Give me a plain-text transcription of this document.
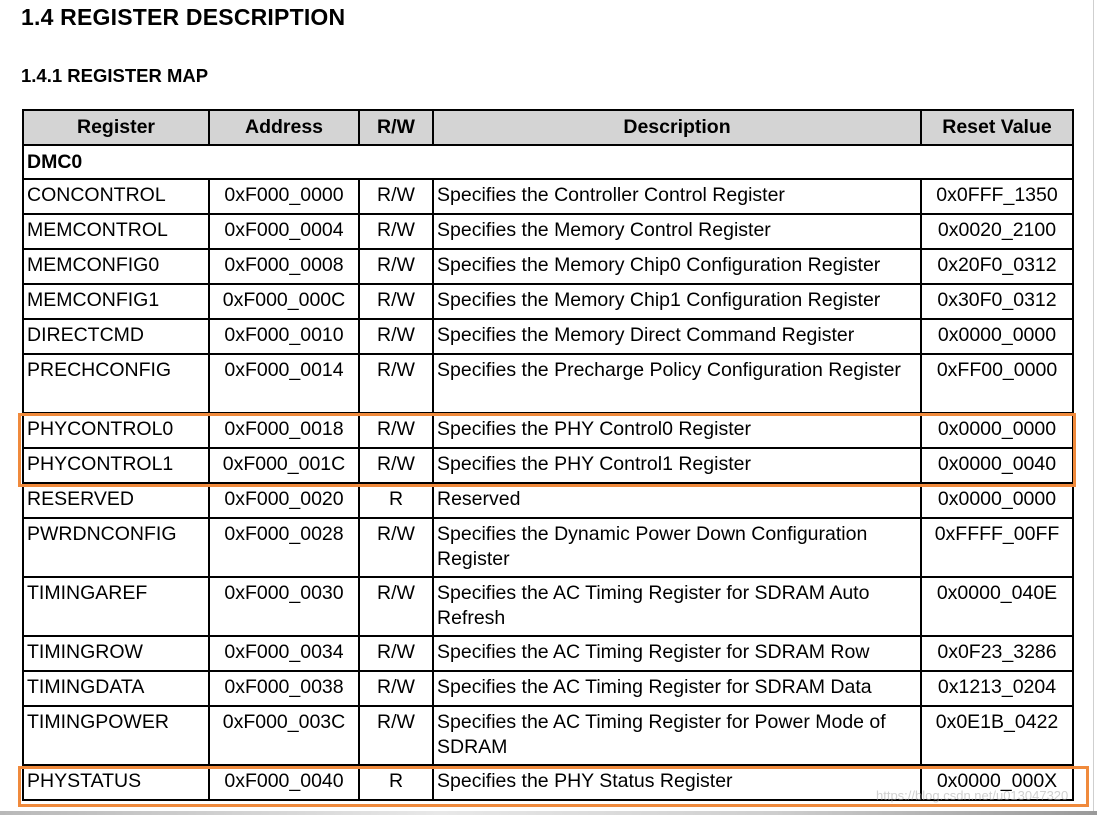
1.4 REGISTER DESCRIPTION
1.4.1 REGISTER MAP
Register	Address	R/W	Description	Reset Value
DMC0				
CONCONTROL	0xF000_0000	R/W	Specifies the Controller Control Register	0x0FFF_1350
MEMCONTROL	0xF000_0004	R/W	Specifies the Memory Control Register	0x0020_2100
MEMCONFIG0	0xF000_0008	R/W	Specifies the Memory Chip0 Configuration Register	0x20F0_0312
MEMCONFIG1	0xF000_000C	R/W	Specifies the Memory Chip1 Configuration Register	0x30F0_0312
DIRECTCMD	0xF000_0010	R/W	Specifies the Memory Direct Command Register	0x0000_0000
PRECHCONFIG	0xF000_0014	R/W	Specifies the Precharge Policy Configuration Register	0xFF00_0000
PHYCONTROL0	0xF000_0018	R/W	Specifies the PHY Control0 Register	0x0000_0000
PHYCONTROL1	0xF000_001C	R/W	Specifies the PHY Control1 Register	0x0000_0040
RESERVED	0xF000_0020	R	Reserved	0x0000_0000
PWRDNCONFIG	0xF000_0028	R/W	Specifies the Dynamic Power Down Configuration Register	0xFFFF_00FF
TIMINGAREF	0xF000_0030	R/W	Specifies the AC Timing Register for SDRAM Auto Refresh	0x0000_040E
TIMINGROW	0xF000_0034	R/W	Specifies the AC Timing Register for SDRAM Row	0x0F23_3286
TIMINGDATA	0xF000_0038	R/W	Specifies the AC Timing Register for SDRAM Data	0x1213_0204
TIMINGPOWER	0xF000_003C	R/W	Specifies the AC Timing Register for Power Mode of SDRAM	0x0E1B_0422
PHYSTATUS	0xF000_0040	R	Specifies the PHY Status Register	0x0000_000X
https://blog.csdn.net/u013047320
